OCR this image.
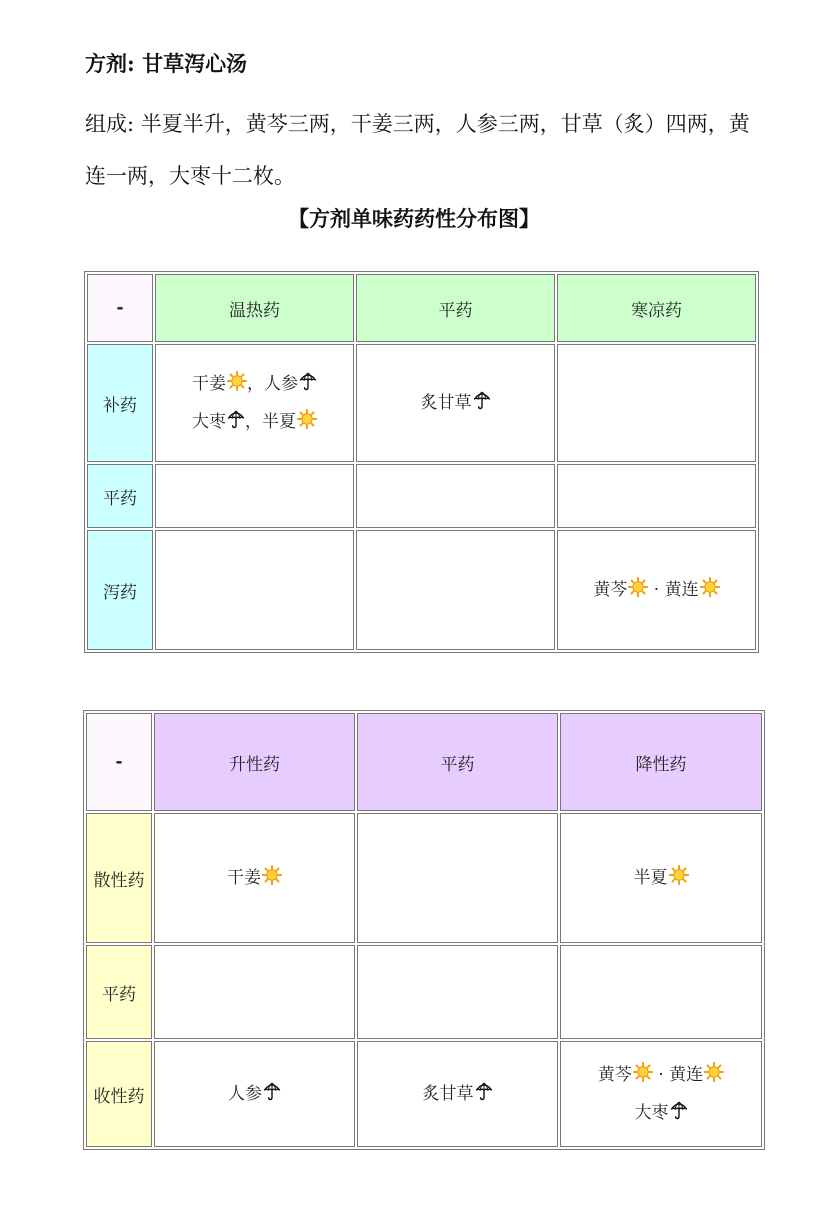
方剂: 甘草泻心汤

组成: 半夏半升，黄芩三两，干姜三两，人参三两，甘草（炙）四两，黄连一两，大枣十二枚。

【方剂单味药药性分布图】

-	温热药	平药	寒凉药
补药	干姜 ，人参
大枣 ，半夏	炙甘草	

平药			
泻药			黄芩 · 黄连
-	升性药	平药	降性药
散性药	干姜		半夏

平药			
收性药	人参	炙甘草	黄芩 · 黄连
大枣
